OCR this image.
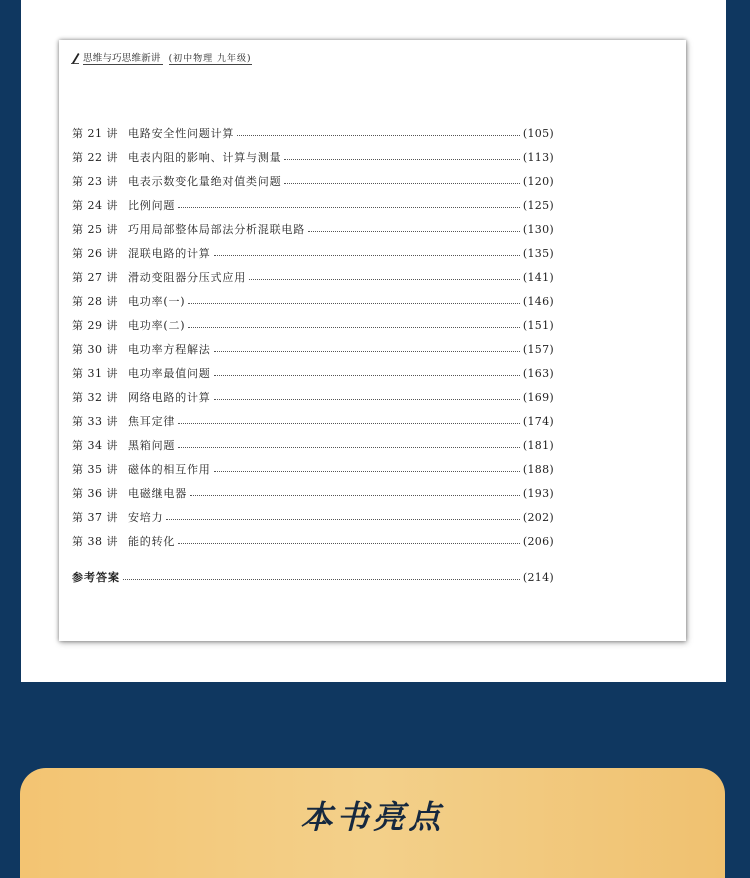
思维与巧思维新讲 (初中物理 九年级)
第 21 讲 电路安全性问题计算	(105)
第 22 讲 电表内阻的影响、计算与测量	(113)
第 23 讲 电表示数变化量绝对值类问题	(120)
第 24 讲 比例问题	(125)
第 25 讲 巧用局部整体局部法分析混联电路	(130)
第 26 讲 混联电路的计算	(135)
第 27 讲 滑动变阻器分压式应用	(141)
第 28 讲 电功率(一)	(146)
第 29 讲 电功率(二)	(151)
第 30 讲 电功率方程解法	(157)
第 31 讲 电功率最值问题	(163)
第 32 讲 网络电路的计算	(169)
第 33 讲 焦耳定律	(174)
第 34 讲 黑箱问题	(181)
第 35 讲 磁体的相互作用	(188)
第 36 讲 电磁继电器	(193)
第 37 讲 安培力	(202)
第 38 讲 能的转化	(206)
参考答案	(214)
本书亮点
